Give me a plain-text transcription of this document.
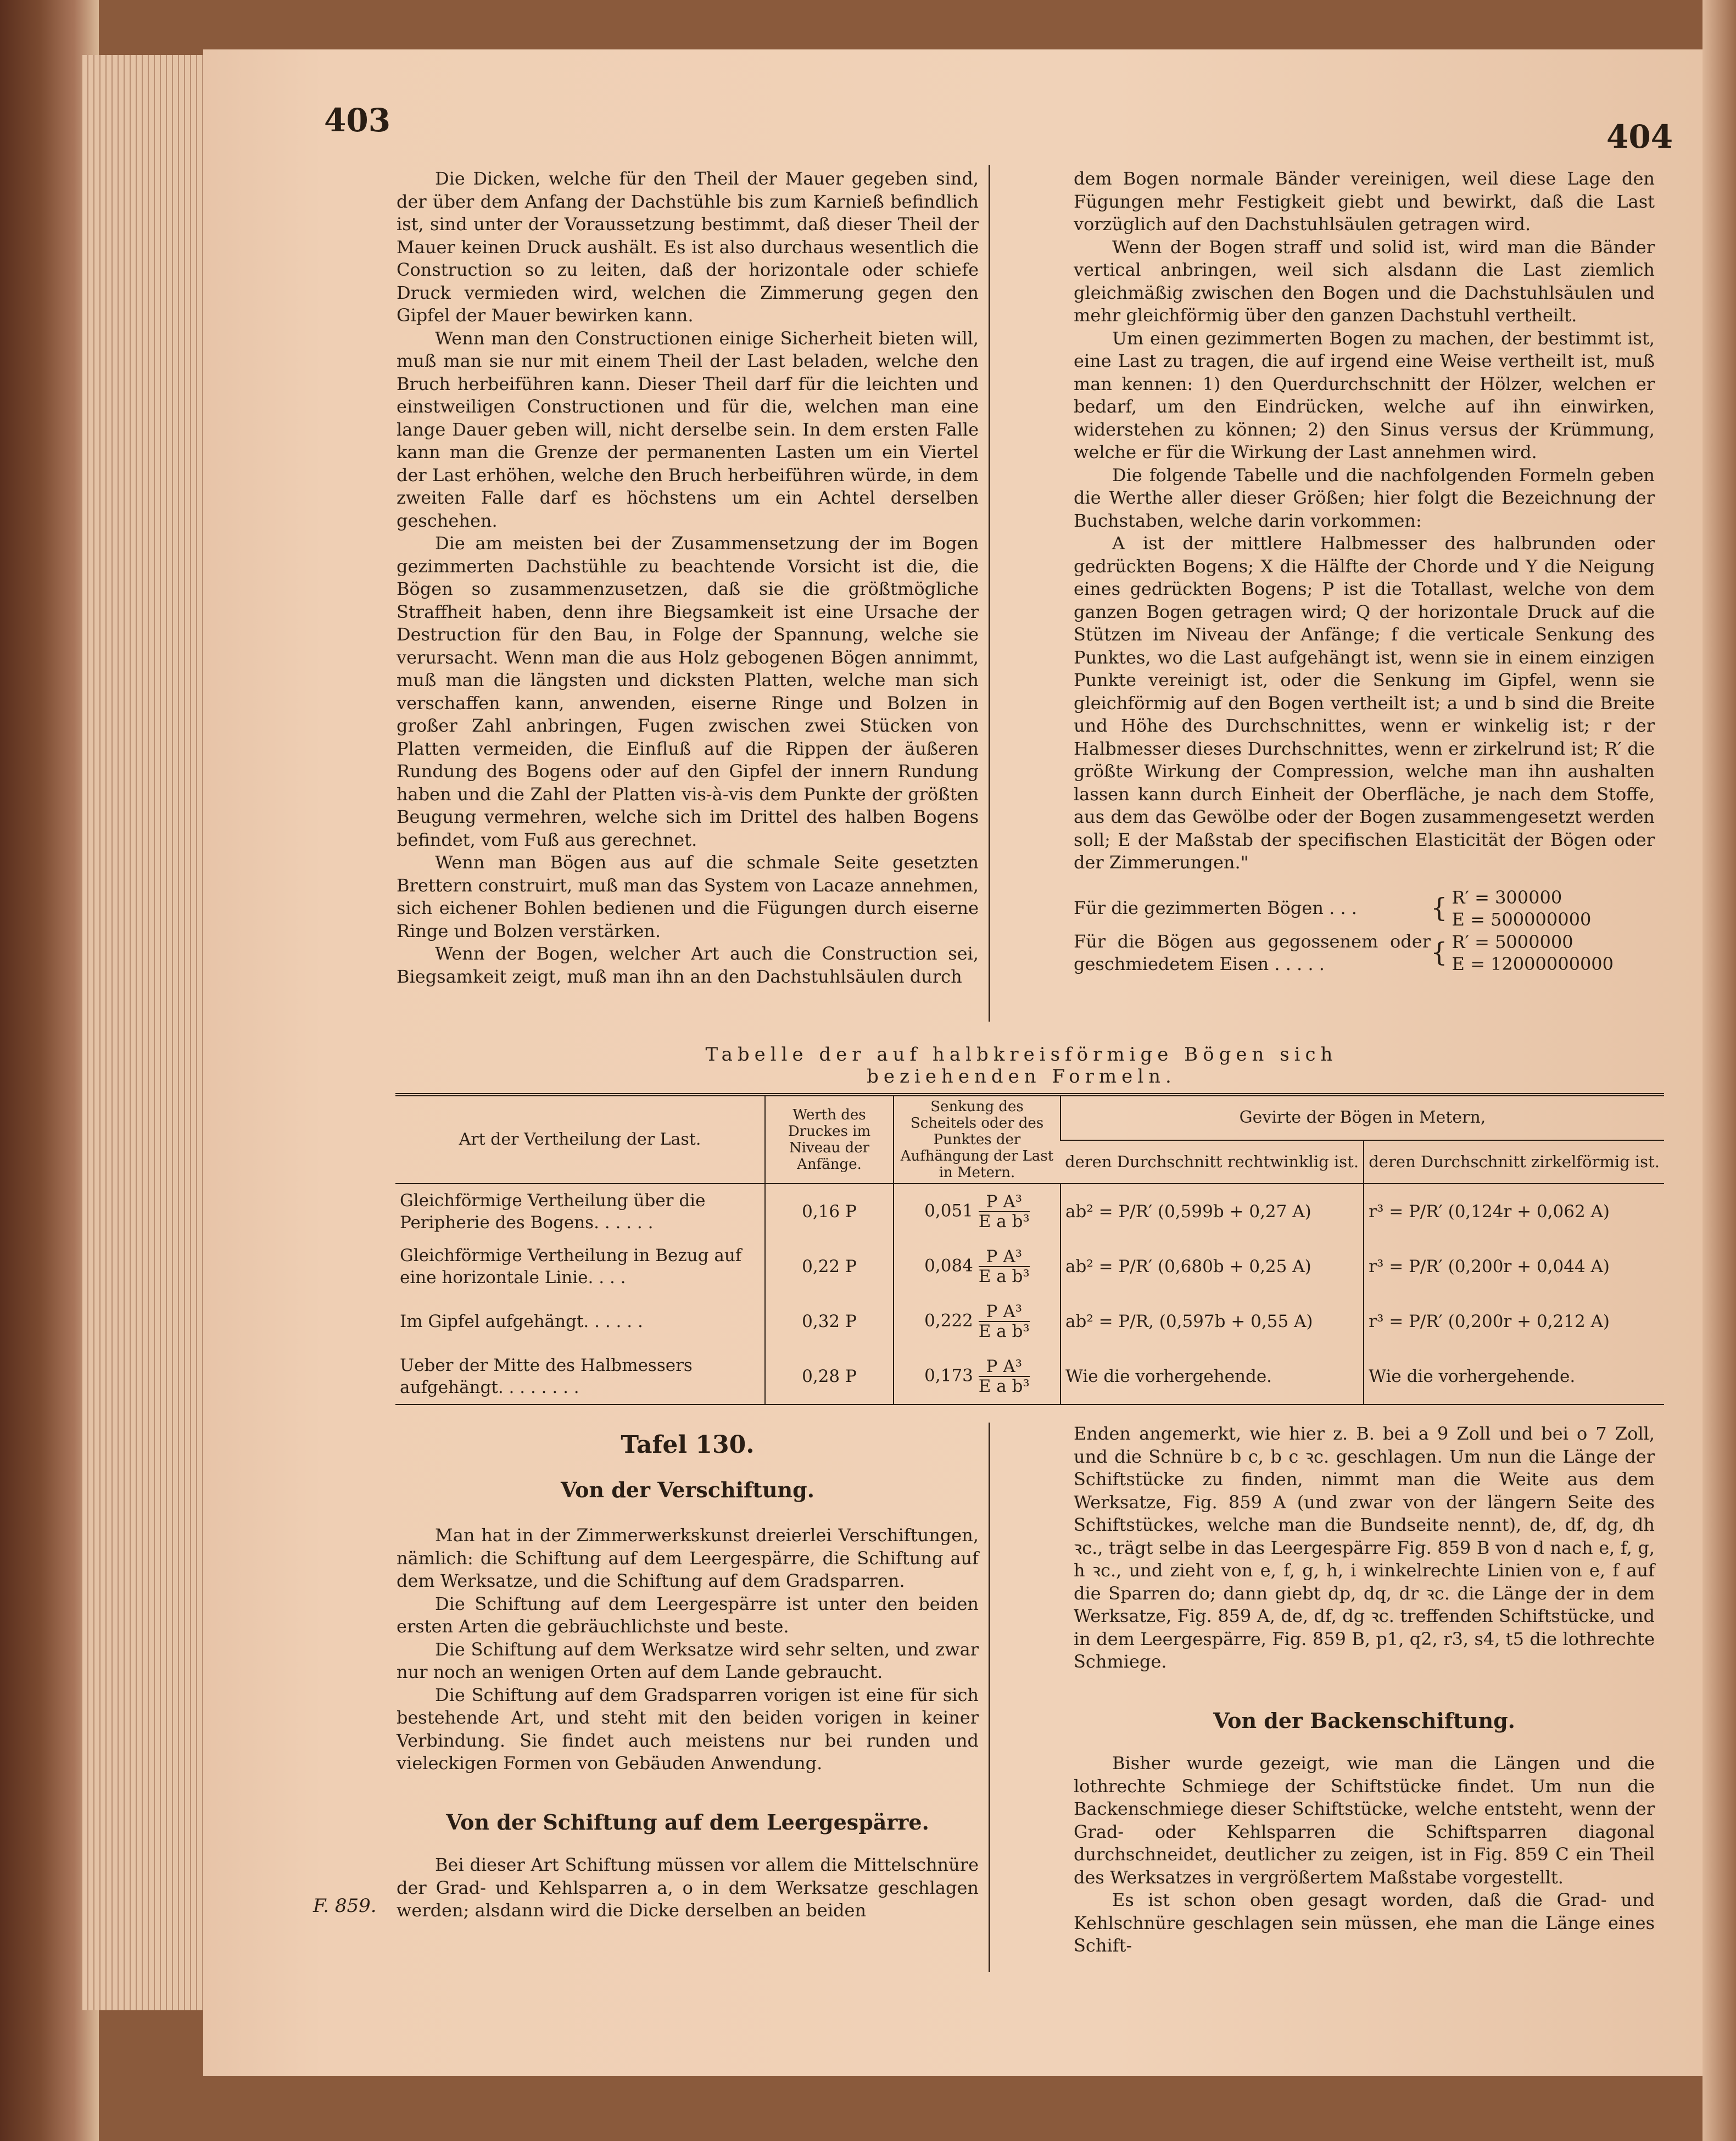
403	404

Die Dicken, welche für den Theil der Mauer gegeben sind, der über dem Anfang der Dachstühle bis zum Karnieß befindlich ist, sind unter der Voraussetzung bestimmt, daß dieser Theil der Mauer keinen Druck aushält. Es ist also durchaus wesentlich die Construction so zu leiten, daß der horizontale oder schiefe Druck vermieden wird, welchen die Zimmerung gegen den Gipfel der Mauer bewirken kann.

Wenn man den Constructionen einige Sicherheit bieten will, muß man sie nur mit einem Theil der Last beladen, welche den Bruch herbeiführen kann. Dieser Theil darf für die leichten und einstweiligen Constructionen und für die, welchen man eine lange Dauer geben will, nicht derselbe sein. In dem ersten Falle kann man die Grenze der permanenten Lasten um ein Viertel der Last erhöhen, welche den Bruch herbeiführen würde, in dem zweiten Falle darf es höchstens um ein Achtel derselben geschehen.

Die am meisten bei der Zusammensetzung der im Bogen gezimmerten Dachstühle zu beachtende Vorsicht ist die, die Bögen so zusammenzusetzen, daß sie die größtmögliche Straffheit haben, denn ihre Biegsamkeit ist eine Ursache der Destruction für den Bau, in Folge der Spannung, welche sie verursacht. Wenn man die aus Holz gebogenen Bögen annimmt, muß man die längsten und dicksten Platten, welche man sich verschaffen kann, anwenden, eiserne Ringe und Bolzen in großer Zahl anbringen, Fugen zwischen zwei Stücken von Platten vermeiden, die Einfluß auf die Rippen der äußeren Rundung des Bogens oder auf den Gipfel der innern Rundung haben und die Zahl der Platten vis-à-vis dem Punkte der größten Beugung vermehren, welche sich im Drittel des halben Bogens befindet, vom Fuß aus gerechnet.

Wenn man Bögen aus auf die schmale Seite gesetzten Brettern construirt, muß man das System von Lacaze annehmen, sich eichener Bohlen bedienen und die Fügungen durch eiserne Ringe und Bolzen verstärken.

Wenn der Bogen, welcher Art auch die Construction sei, Biegsamkeit zeigt, muß man ihn an den Dachstuhlsäulen durch

dem Bogen normale Bänder vereinigen, weil diese Lage den Fügungen mehr Festigkeit giebt und bewirkt, daß die Last vorzüglich auf den Dachstuhlsäulen getragen wird.

Wenn der Bogen straff und solid ist, wird man die Bänder vertical anbringen, weil sich alsdann die Last ziemlich gleichmäßig zwischen den Bogen und die Dachstuhlsäulen und mehr gleichförmig über den ganzen Dachstuhl vertheilt.

Um einen gezimmerten Bogen zu machen, der bestimmt ist, eine Last zu tragen, die auf irgend eine Weise vertheilt ist, muß man kennen: 1) den Querdurchschnitt der Hölzer, welchen er bedarf, um den Eindrücken, welche auf ihn einwirken, widerstehen zu können; 2) den Sinus versus der Krümmung, welche er für die Wirkung der Last annehmen wird.

Die folgende Tabelle und die nachfolgenden Formeln geben die Werthe aller dieser Größen; hier folgt die Bezeichnung der Buchstaben, welche darin vorkommen:

A ist der mittlere Halbmesser des halbrunden oder gedrückten Bogens; X die Hälfte der Chorde und Y die Neigung eines gedrückten Bogens; P ist die Totallast, welche von dem ganzen Bogen getragen wird; Q der horizontale Druck auf die Stützen im Niveau der Anfänge; f die verticale Senkung des Punktes, wo die Last aufgehängt ist, wenn sie in einem einzigen Punkte vereinigt ist, oder die Senkung im Gipfel, wenn sie gleichförmig auf den Bogen vertheilt ist; a und b sind die Breite und Höhe des Durchschnittes, wenn er winkelig ist; r der Halbmesser dieses Durchschnittes, wenn er zirkelrund ist; R′ die größte Wirkung der Compression, welche man ihn aushalten lassen kann durch Einheit der Oberfläche, je nach dem Stoffe, aus dem das Gewölbe oder der Bogen zusammengesetzt werden soll; E der Maßstab der specifischen Elasticität der Bögen oder der Zimmerungen."

Für die gezimmerten Bögen . . .	{ R′ = 300000
E = 500000000
Für die Bögen aus gegossenem oder geschmiedetem Eisen . . . . .	{ R′ = 5000000
E = 12000000000
Tabelle der auf halbkreisförmige Bögen sich beziehenden Formeln.
Art der Vertheilung der Last.	Werth des Druckes im Niveau der Anfänge.	Senkung des Scheitels oder des Punktes der Aufhängung der Last in Metern.	Gevirte der Bögen in Metern,	
			deren Durchschnitt rechtwinklig ist.	deren Durchschnitt zirkelförmig ist.
Gleichförmige Vertheilung über die Peripherie des Bogens. . . . . .	0,16 P	$0,051 \frac{\text{P A³}}{\text{E a b³}}$	ab² = P/R′ (0,599b + 0,27 A)	r³ = P/R′ (0,124r + 0,062 A)
Gleichförmige Vertheilung in Bezug auf eine horizontale Linie. . . .	0,22 P	$0,084 \frac{\text{P A³}}{\text{E a b³}}$	ab² = P/R′ (0,680b + 0,25 A)	r³ = P/R′ (0,200r + 0,044 A)
Im Gipfel aufgehängt. . . . . .	0,32 P	$0,222 \frac{\text{P A³}}{\text{E a b³}}$	ab² = P/R, (0,597b + 0,55 A)	r³ = P/R′ (0,200r + 0,212 A)
Ueber der Mitte des Halbmessers aufgehängt. . . . . . . .	0,28 P	$0,173 \frac{\text{P A³}}{\text{E a b³}}$	Wie die vorhergehende.	Wie die vorhergehende.
Tafel 130.
Von der Verschiftung.

Man hat in der Zimmerwerkskunst dreierlei Verschiftungen, nämlich: die Schiftung auf dem Leergespärre, die Schiftung auf dem Werksatze, und die Schiftung auf dem Gradsparren.

Die Schiftung auf dem Leergespärre ist unter den beiden ersten Arten die gebräuchlichste und beste.

Die Schiftung auf dem Werksatze wird sehr selten, und zwar nur noch an wenigen Orten auf dem Lande gebraucht.

Die Schiftung auf dem Gradsparren vorigen ist eine für sich bestehende Art, und steht mit den beiden vorigen in keiner Verbindung. Sie findet auch meistens nur bei runden und vieleckigen Formen von Gebäuden Anwendung.

Von der Schiftung auf dem Leergespärre.

Bei dieser Art Schiftung müssen vor allem die Mittelschnüre der Grad- und Kehlsparren a, o in dem Werksatze geschlagen werden; alsdann wird die Dicke derselben an beiden

F. 859.

Enden angemerkt, wie hier z. B. bei a 9 Zoll und bei o 7 Zoll, und die Schnüre b c, b c ꝛc. geschlagen. Um nun die Länge der Schiftstücke zu finden, nimmt man die Weite aus dem Werksatze, Fig. 859 A (und zwar von der längern Seite des Schiftstückes, welche man die Bundseite nennt), de, df, dg, dh ꝛc., trägt selbe in das Leergespärre Fig. 859 B von d nach e, f, g, h ꝛc., und zieht von e, f, g, h, i winkelrechte Linien von e, f auf die Sparren do; dann giebt dp, dq, dr ꝛc. die Länge der in dem Werksatze, Fig. 859 A, de, df, dg ꝛc. treffenden Schiftstücke, und in dem Leergespärre, Fig. 859 B, p1, q2, r3, s4, t5 die lothrechte Schmiege.

Von der Backenschiftung.

Bisher wurde gezeigt, wie man die Längen und die lothrechte Schmiege der Schiftstücke findet. Um nun die Backenschmiege dieser Schiftstücke, welche entsteht, wenn der Grad- oder Kehlsparren die Schiftsparren diagonal durchschneidet, deutlicher zu zeigen, ist in Fig. 859 C ein Theil des Werksatzes in vergrößertem Maßstabe vorgestellt.

Es ist schon oben gesagt worden, daß die Grad- und Kehlschnüre geschlagen sein müssen, ehe man die Länge eines Schift-
